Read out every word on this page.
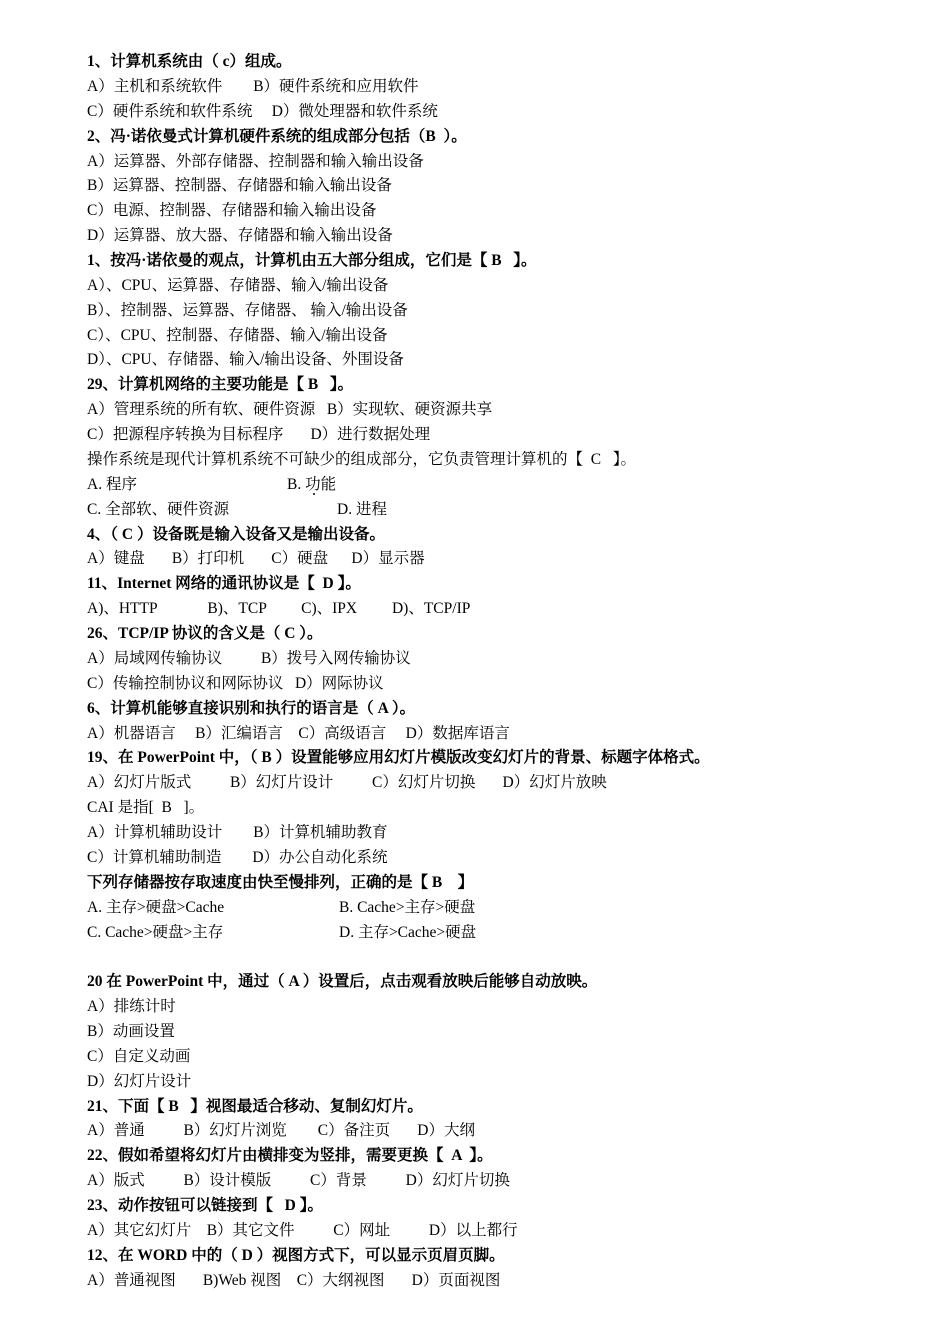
1、计算机系统由（ c）组成。
A）主机和系统软件        B）硬件系统和应用软件
C）硬件系统和软件系统     D）微处理器和软件系统
2、冯·诺依曼式计算机硬件系统的组成部分包括（B  ）。
A）运算器、外部存储器、控制器和输入输出设备
B）运算器、控制器、存储器和输入输出设备
C）电源、控制器、存储器和输入输出设备
D）运算器、放大器、存储器和输入输出设备
1、按冯·诺依曼的观点，计算机由五大部分组成，它们是【 B   】。
A）、CPU、运算器、存储器、输入/输出设备
B）、控制器、运算器、存储器、 输入/输出设备
C）、CPU、控制器、存储器、输入/输出设备
D）、CPU、存储器、输入/输出设备、外围设备
29、计算机网络的主要功能是【 B   】。
A）管理系统的所有软、硬件资源   B）实现软、硬资源共享
C）把源程序转换为目标程序       D）进行数据处理
操作系统是现代计算机系统不可缺少的组成部分，它负责管理计算机的【  C   】。
A. 程序	B. 功能
C. 全部软、硬件资源	D. 进程
4、（ C ）设备既是输入设备又是输出设备。
A）键盘       B）打印机       C）硬盘      D）显示器
11、Internet 网络的通讯协议是【  D 】。
A)、HTTP             B)、TCP         C)、IPX         D)、TCP/IP
26、TCP/IP 协议的含义是（ C ）。
A）局域网传输协议          B）拨号入网传输协议
C）传输控制协议和网际协议   D）网际协议
6、计算机能够直接识别和执行的语言是（ A ）。
A）机器语言     B）汇编语言    C）高级语言     D）数据库语言
19、在 PowerPoint 中，（ B ）设置能够应用幻灯片模版改变幻灯片的背景、标题字体格式。
A）幻灯片版式          B）幻灯片设计          C）幻灯片切换       D）幻灯片放映
CAI 是指[  B   ]。
A）计算机辅助设计        B）计算机辅助教育
C）计算机辅助制造        D）办公自动化系统
下列存储器按存取速度由快至慢排列，正确的是【 B    】
A. 主存>硬盘>Cache	B. Cache>主存>硬盘
C. Cache>硬盘>主存	D. 主存>Cache>硬盘
20 在 PowerPoint 中，通过（ A ）设置后，点击观看放映后能够自动放映。
A）排练计时
B）动画设置
C）自定义动画
D）幻灯片设计
21、下面【 B   】视图最适合移动、复制幻灯片。
A）普通          B）幻灯片浏览        C）备注页       D）大纲
22、假如希望将幻灯片由横排变为竖排，需要更换【  A  】。
A）版式          B）设计模版          C）背景          D）幻灯片切换
23、动作按钮可以链接到【   D 】。
A）其它幻灯片    B）其它文件          C）网址          D）以上都行
12、在 WORD 中的（ D ）视图方式下，可以显示页眉页脚。
A）普通视图       B)Web 视图    C）大纲视图       D）页面视图
